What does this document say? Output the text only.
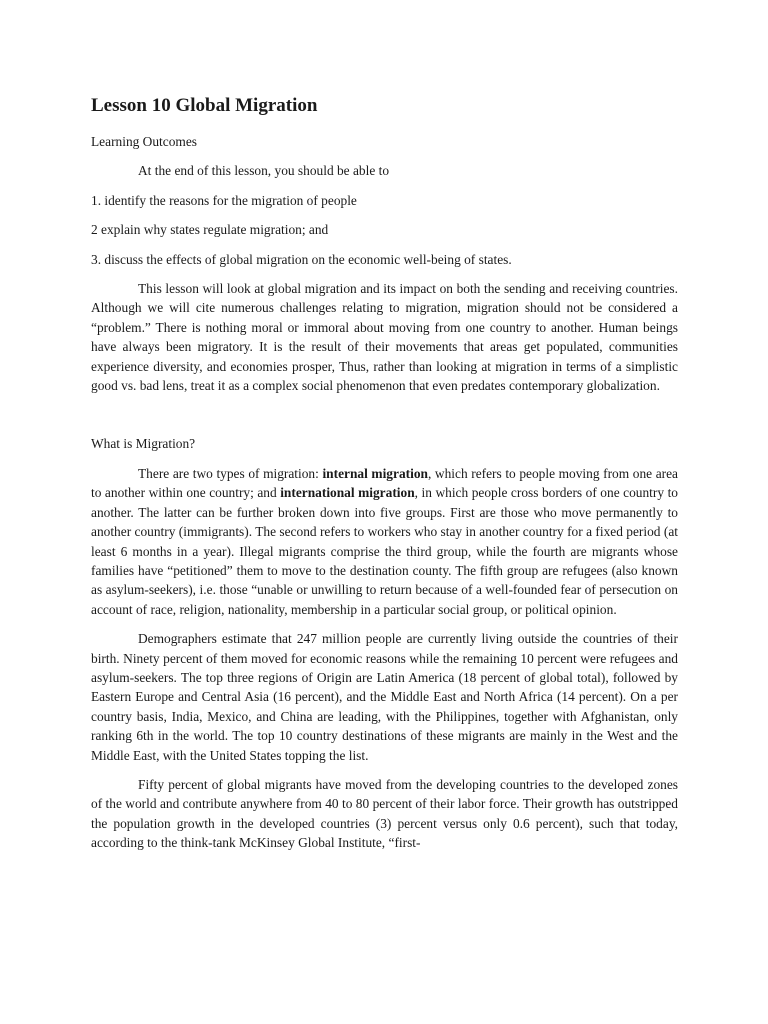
Lesson 10 Global Migration

Learning Outcomes

At the end of this lesson, you should be able to

1. identify the reasons for the migration of people

2 explain why states regulate migration; and

3. discuss the effects of global migration on the economic well-being of states.

This lesson will look at global migration and its impact on both the sending and receiving countries. Although we will cite numerous challenges relating to migration, migration should not be considered a “problem.” There is nothing moral or immoral about moving from one country to another. Human beings have always been migratory. It is the result of their movements that areas get populated, communities experience diversity, and economies prosper, Thus, rather than looking at migration in terms of a simplistic good vs. bad lens, treat it as a complex social phenomenon that even predates contemporary globalization.

What is Migration?

There are two types of migration: internal migration, which refers to people moving from one area to another within one country; and international migration, in which people cross borders of one country to another. The latter can be further broken down into five groups. First are those who move permanently to another country (immigrants). The second refers to workers who stay in another country for a fixed period (at least 6 months in a year). Illegal migrants comprise the third group, while the fourth are migrants whose families have “petitioned” them to move to the destination county. The fifth group are refugees (also known as asylum-seekers), i.e. those “unable or unwilling to return because of a well-founded fear of persecution on account of race, religion, nationality, membership in a particular social group, or political opinion.

Demographers estimate that 247 million people are currently living outside the countries of their birth. Ninety percent of them moved for economic reasons while the remaining 10 percent were refugees and asylum-seekers. The top three regions of Origin are Latin America (18 percent of global total), followed by Eastern Europe and Central Asia (16 percent), and the Middle East and North Africa (14 percent). On a per country basis, India, Mexico, and China are leading, with the Philippines, together with Afghanistan, only ranking 6th in the world. The top 10 country destinations of these migrants are mainly in the West and the Middle East, with the United States topping the list.

Fifty percent of global migrants have moved from the developing countries to the developed zones of the world and contribute anywhere from 40 to 80 percent of their labor force. Their growth has outstripped the population growth in the developed countries (3) percent versus only 0.6 percent), such that today, according to the think-tank McKinsey Global Institute, “first-
